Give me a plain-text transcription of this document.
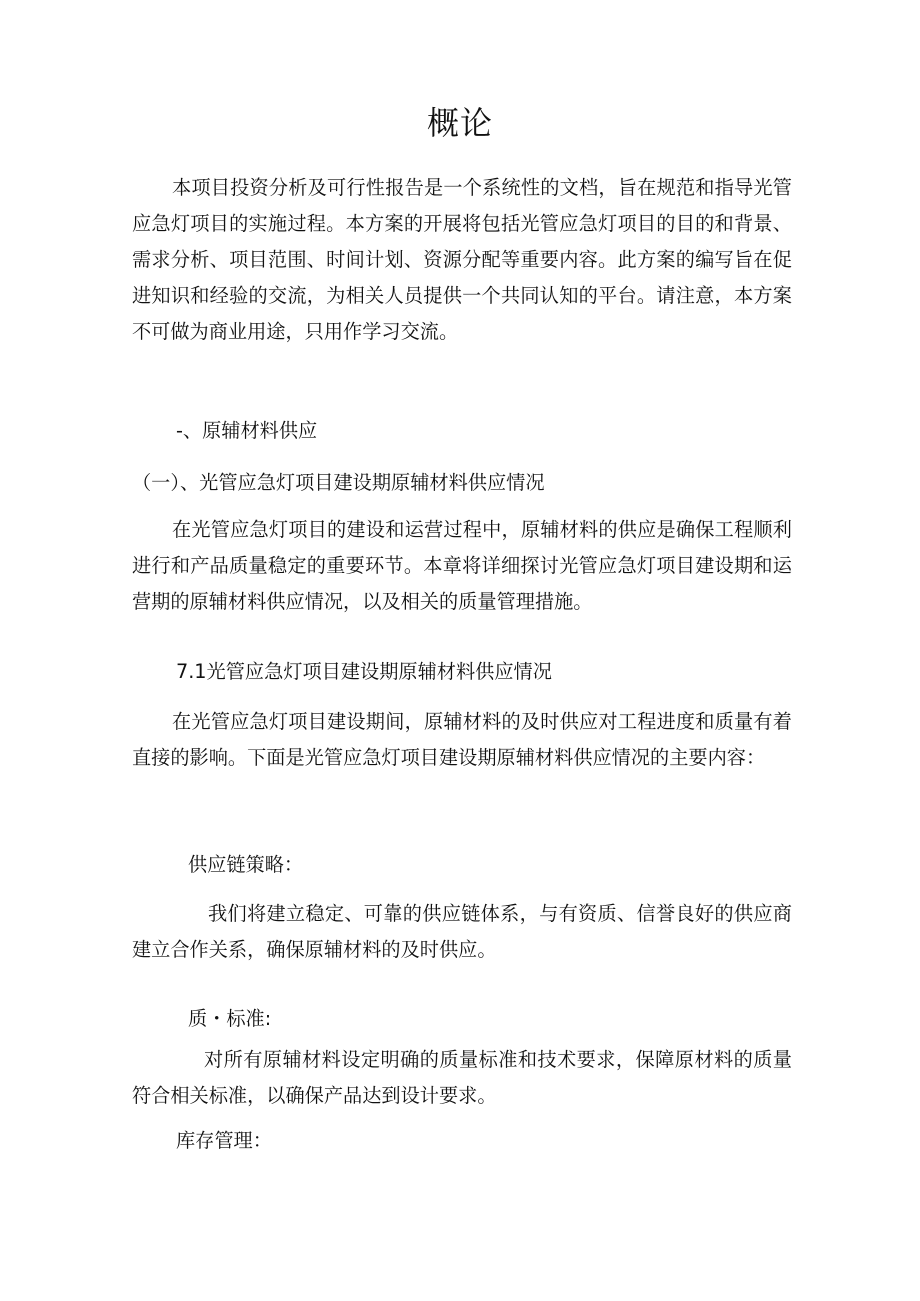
概论

本项目投资分析及可行性报告是一个系统性的文档，旨在规范和指导光管应急灯项目的实施过程。本方案的开展将包括光管应急灯项目的目的和背景、需求分析、项目范围、时间计划、资源分配等重要内容。此方案的编写旨在促进知识和经验的交流，为相关人员提供一个共同认知的平台。请注意，本方案不可做为商业用途，只用作学习交流。

-、原辅材料供应

（一）、光管应急灯项目建设期原辅材料供应情况

在光管应急灯项目的建设和运营过程中，原辅材料的供应是确保工程顺利进行和产品质量稳定的重要环节。本章将详细探讨光管应急灯项目建设期和运营期的原辅材料供应情况，以及相关的质量管理措施。

7.1光管应急灯项目建设期原辅材料供应情况

在光管应急灯项目建设期间，原辅材料的及时供应对工程进度和质量有着直接的影响。下面是光管应急灯项目建设期原辅材料供应情况的主要内容：

供应链策略：

我们将建立稳定、可靠的供应链体系，与有资质、信誉良好的供应商建立合作关系，确保原辅材料的及时供应。

质・标准:

对所有原辅材料设定明确的质量标准和技术要求，保障原材料的质量符合相关标准，以确保产品达到设计要求。

库存管理：
